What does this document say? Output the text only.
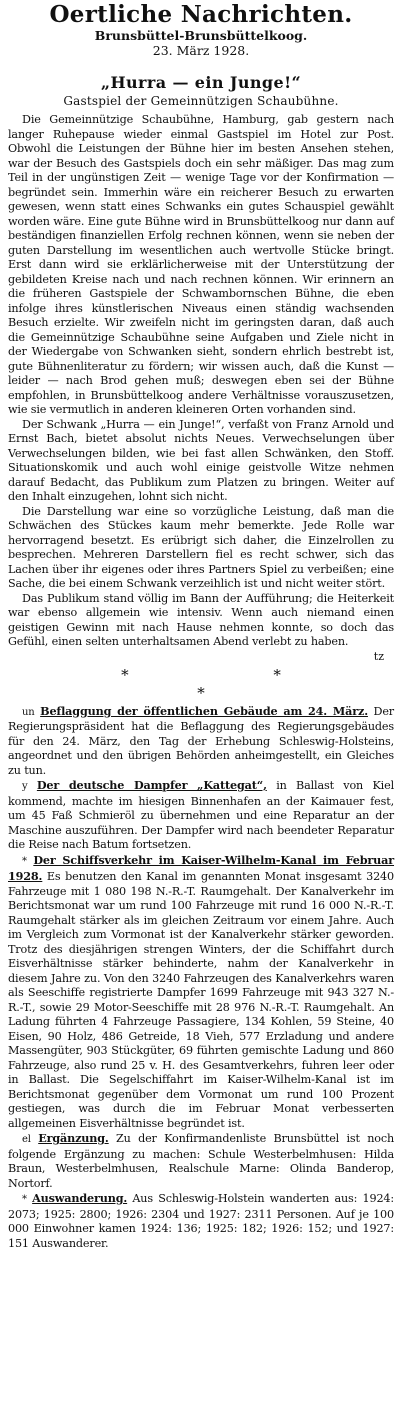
Oertliche Nachrichten.
Brunsbüttel-Brunsbüttelkoog.
23. März 1928.
„Hurra — ein Junge!“
Gastspiel der Gemeinnützigen Schaubühne.

Die Gemeinnützige Schaubühne, Hamburg, gab gestern nach langer Ruhepause wieder einmal Gastspiel im Hotel zur Post. Obwohl die Leistungen der Bühne hier im besten Ansehen stehen, war der Besuch des Gastspiels doch ein sehr mäßiger. Das mag zum Teil in der ungünstigen Zeit — wenige Tage vor der Konfirmation — begründet sein. Immerhin wäre ein reicherer Besuch zu erwarten gewesen, wenn statt eines Schwanks ein gutes Schauspiel gewählt worden wäre. Eine gute Bühne wird in Brunsbüttelkoog nur dann auf beständigen finanziellen Erfolg rechnen können, wenn sie neben der guten Darstellung im wesentlichen auch wertvolle Stücke bringt. Erst dann wird sie erklärlicherweise mit der Unterstützung der gebildeten Kreise nach und nach rechnen können. Wir erinnern an die früheren Gastspiele der Schwambornschen Bühne, die eben infolge ihres künstlerischen Niveaus einen ständig wachsenden Besuch erzielte. Wir zweifeln nicht im geringsten daran, daß auch die Gemeinnützige Schaubühne seine Aufgaben und Ziele nicht in der Wiedergabe von Schwanken sieht, sondern ehrlich bestrebt ist, gute Bühnenliteratur zu fördern; wir wissen auch, daß die Kunst — leider — nach Brod gehen muß; deswegen eben sei der Bühne empfohlen, in Brunsbüttelkoog andere Verhältnisse vorauszusetzen, wie sie vermutlich in anderen kleineren Orten vorhanden sind.

Der Schwank „Hurra — ein Junge!“, verfaßt von Franz Arnold und Ernst Bach, bietet absolut nichts Neues. Verwechselungen über Verwechselungen bilden, wie bei fast allen Schwänken, den Stoff. Situationskomik und auch wohl einige geistvolle Witze nehmen darauf Bedacht, das Publikum zum Platzen zu bringen. Weiter auf den Inhalt einzugehen, lohnt sich nicht.

Die Darstellung war eine so vorzügliche Leistung, daß man die Schwächen des Stückes kaum mehr bemerkte. Jede Rolle war hervorragend besetzt. Es erübrigt sich daher, die Einzelrollen zu besprechen. Mehreren Darstellern fiel es recht schwer, sich das Lachen über ihr eigenes oder ihres Partners Spiel zu verbeißen; eine Sache, die bei einem Schwank verzeihlich ist und nicht weiter stört.

Das Publikum stand völlig im Bann der Aufführung; die Heiterkeit war ebenso allgemein wie intensiv. Wenn auch niemand einen geistigen Gewinn mit nach Hause nehmen konnte, so doch das Gefühl, einen selten unterhaltsamen Abend verlebt zu haben.

tz

* * *

un Beflaggung der öffentlichen Gebäude am 24. März. Der Regierungspräsident hat die Beflaggung des Regierungsgebäudes für den 24. März, den Tag der Erhebung Schleswig-Holsteins, angeordnet und den übrigen Behörden anheimgestellt, ein Gleiches zu tun.

y Der deutsche Dampfer „Kattegat“, in Ballast von Kiel kommend, machte im hiesigen Binnenhafen an der Kaimauer fest, um 45 Faß Schmieröl zu übernehmen und eine Reparatur an der Maschine auszuführen. Der Dampfer wird nach beendeter Reparatur die Reise nach Batum fortsetzen.

* Der Schiffsverkehr im Kaiser-Wilhelm-Kanal im Februar 1928. Es benutzen den Kanal im genannten Monat insgesamt 3240 Fahrzeuge mit 1 080 198 N.-R.-T. Raumgehalt. Der Kanalverkehr im Berichtsmonat war um rund 100 Fahrzeuge mit rund 16 000 N.-R.-T. Raumgehalt stärker als im gleichen Zeitraum vor einem Jahre. Auch im Vergleich zum Vormonat ist der Kanalverkehr stärker geworden. Trotz des diesjährigen strengen Winters, der die Schiffahrt durch Eisverhältnisse stärker behinderte, nahm der Kanalverkehr in diesem Jahre zu. Von den 3240 Fahrzeugen des Kanalverkehrs waren als Seeschiffe registrierte Dampfer 1699 Fahrzeuge mit 943 327 N.-R.-T., sowie 29 Motor-Seeschiffe mit 28 976 N.-R.-T. Raumgehalt. An Ladung führten 4 Fahrzeuge Passagiere, 134 Kohlen, 59 Steine, 40 Eisen, 90 Holz, 486 Getreide, 18 Vieh, 577 Erzladung und andere Massengüter, 903 Stückgüter, 69 führten gemischte Ladung und 860 Fahrzeuge, also rund 25 v. H. des Gesamtverkehrs, fuhren leer oder in Ballast. Die Segelschiffahrt im Kaiser-Wilhelm-Kanal ist im Berichtsmonat gegenüber dem Vormonat um rund 100 Prozent gestiegen, was durch die im Februar Monat verbesserten allgemeinen Eisverhältnisse begründet ist.

el Ergänzung. Zu der Konfirmandenliste Brunsbüttel ist noch folgende Ergänzung zu machen: Schule Westerbelmhusen: Hilda Braun, Westerbelmhusen, Realschule Marne: Olinda Banderop, Nortorf.

* Auswanderung. Aus Schleswig-Holstein wanderten aus: 1924: 2073; 1925: 2800; 1926: 2304 und 1927: 2311 Personen. Auf je 100 000 Einwohner kamen 1924: 136; 1925: 182; 1926: 152; und 1927: 151 Auswanderer.
